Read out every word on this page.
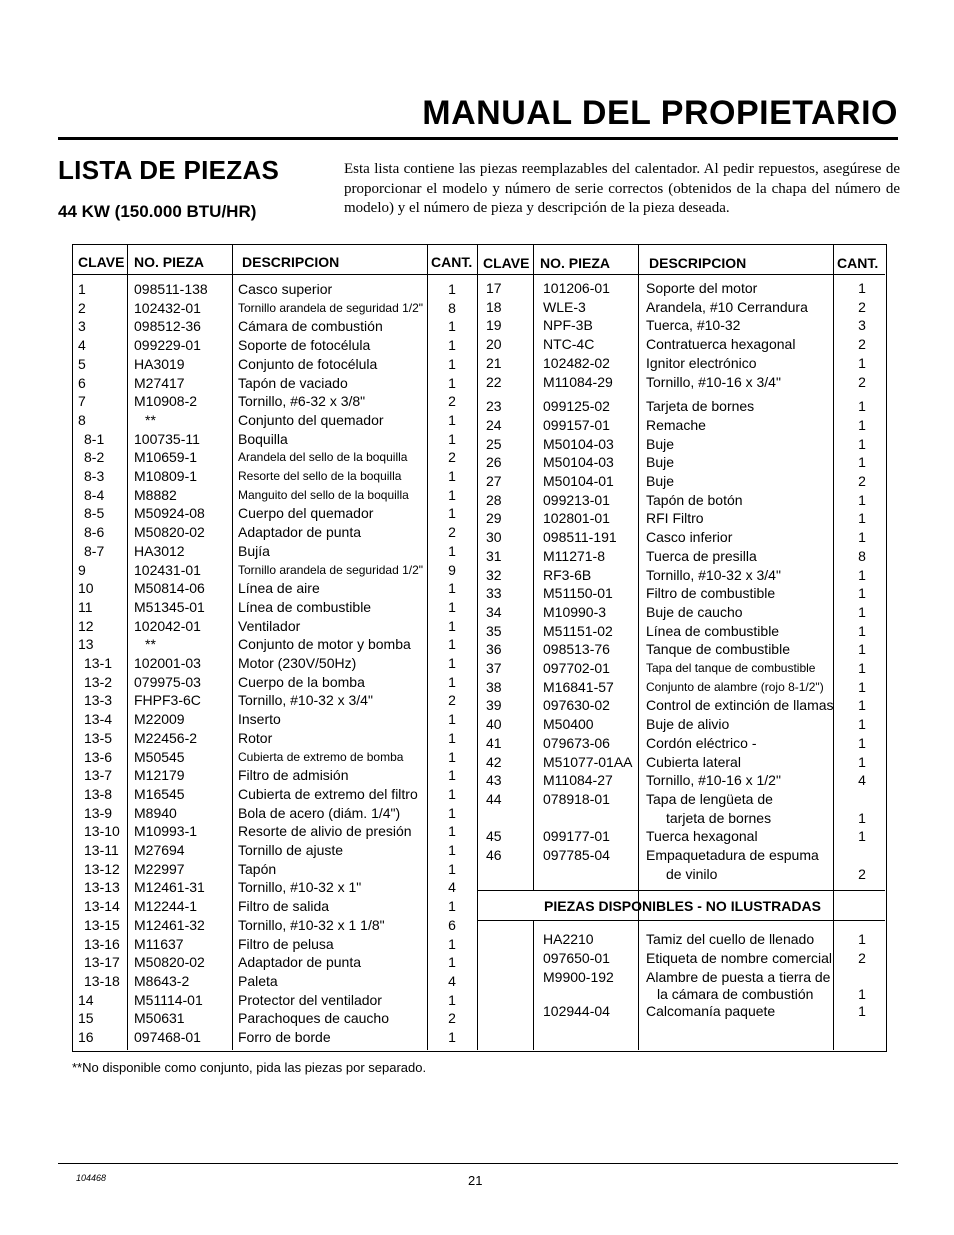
MANUAL DEL PROPIETARIO
LISTA DE PIEZAS
44 KW (150.000 BTU/HR)
Esta lista contiene las piezas reemplazables del calentador. Al pedir repuestos, asegúrese de proporcionar el modelo y número de serie correctos (obtenidos de la chapa del número de modelo) y el número de pieza y descripción de la pieza deseada.
CLAVE NO. PIEZA	DESCRIPCION	CANT. CLAVE NO. PIEZA	DESCRIPCION	CANT.
1	098511-138 Casco superior	1
2	102432-01	Tornillo arandela de seguridad 1/2"	8
3	098512-36	Cámara de combustión	1
4	099229-01	Soporte de fotocélula	1
5	HA3019	Conjunto de fotocélula	1
6	M27417	Tapón de vaciado	1
7	M10908-2	Tornillo, #6-32 x 3/8"	2
8	**	Conjunto del quemador	1
8-1 100735-11	Boquilla	1
8-2 M10659-1	Arandela del sello de la boquilla	2
8-3 M10809-1	Resorte del sello de la boquilla	1
8-4 M8882	Manguito del sello de la boquilla	1
8-5 M50924-08 Cuerpo del quemador	1
8-6 M50820-02 Adaptador de punta	2
8-7 HA3012	Bujía	1
9	102431-01	Tornillo arandela de seguridad 1/2"	9
10	M50814-06 Línea de aire	1
11	M51345-01 Línea de combustible	1
12	102042-01	Ventilador	1
13	**	Conjunto de motor y bomba	1
13-1 102001-03	Motor (230V/50Hz)	1
13-2 079975-03	Cuerpo de la bomba	1
13-3 FHPF3-6C	Tornillo, #10-32 x 3/4"	2
13-4 M22009	Inserto	1
13-5 M22456-2	Rotor	1
13-6 M50545	Cubierta de extremo de bomba	1
13-7 M12179	Filtro de admisión	1
13-8 M16545	Cubierta de extremo del filtro	1
13-9 M8940	Bola de acero (diám. 1/4")	1
13-10 M10993-1	Resorte de alivio de presión	1
13-11 M27694	Tornillo de ajuste	1
13-12 M22997	Tapón	1
13-13 M12461-31 Tornillo, #10-32 x 1"	4
13-14 M12244-1	Filtro de salida	1
13-15 M12461-32 Tornillo, #10-32 x 1 1/8"	6
13-16 M11637	Filtro de pelusa	1
13-17 M50820-02 Adaptador de punta	1
13-18 M8643-2	Paleta	4
14	M51114-01	Protector del ventilador	1
15	M50631	Parachoques de caucho	2
16	097468-01	Forro de borde	1
17	101206-01	Soporte del motor	1
18	WLE-3	Arandela, #10 Cerrandura	2
19	NPF-3B	Tuerca, #10-32	3
20	NTC-4C	Contratuerca hexagonal	2
21	102482-02	Ignitor electrónico	1
22	M11084-29 Tornillo, #10-16 x 3/4"	2
23	099125-02	Tarjeta de bornes	1
24	099157-01	Remache	1
25	M50104-03 Buje	1
26	M50104-03 Buje	1
27	M50104-01 Buje	2
28	099213-01	Tapón de botón	1
29	102801-01	RFI Filtro	1
30	098511-191 Casco inferior	1
31	M11271-8	Tuerca de presilla	8
32	RF3-6B	Tornillo, #10-32 x 3/4"	1
33	M51150-01 Filtro de combustible	1
34	M10990-3	Buje de caucho	1
35	M51151-02 Línea de combustible	1
36	098513-76	Tanque de combustible	1
37	097702-01	Tapa del tanque de combustible	1
38	M16841-57	Conjunto de alambre (rojo 8-1/2")	1
39	097630-02	Control de extinción de llamas	1
40	M50400	Buje de alivio	1
41	079673-06	Cordón eléctrico -	1
42	M51077-01AA Cubierta lateral	1
43	M11084-27 Tornillo, #10-16 x 1/2"	4
44	078918-01	Tapa de lengüeta de
tarjeta de bornes	1
45	099177-01	Tuerca hexagonal	1
46	097785-04	Empaquetadura de espuma
de vinilo	2
PIEZAS DISPONIBLES - NO ILUSTRADAS
HA2210	Tamiz del cuello de llenado	1
097650-01	Etiqueta de nombre comercial	2
M9900-192 Alambre de puesta a tierra de
la cámara de combustión	1
102944-04	Calcomanía paquete	1
**No disponible como conjunto, pida las piezas por separado.
104468	21
